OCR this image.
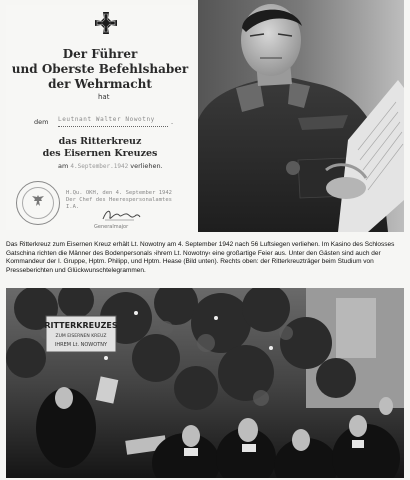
Der Führer
und Oberste Befehlshaber
der Wehrmacht
hat
dem Leutnant Walter Nowotny	.
das Ritterkreuz
des Eisernen Kreuzes
am 4.September.1942 verliehen.
H.Qu. OKH, den 4. September 1942
Der Chef des Heerespersonalamtes
I.A.
Generalmajor

Das Ritterkreuz zum Eisernen Kreuz erhält Lt. Nowotny am 4. September 1942 nach 56 Luftsiegen verliehen. Im Kasino des Schlosses Gatschina richten die Männer des Bodenpersonals ›ihrem Lt. Nowotny‹ eine großartige Feier aus. Unter den Gästen sind auch der Kommandeur der I. Gruppe, Hptm. Philipp, und Hptm. Hease (Bild unten). Rechts oben: der Ritterkreuzträger beim Studium von Presseberichten und Glückwunschtelegrammen.

RITTERKREUZES
ZUM EISERNEN KREUZ
IHREM Lt. NOWOTNY
